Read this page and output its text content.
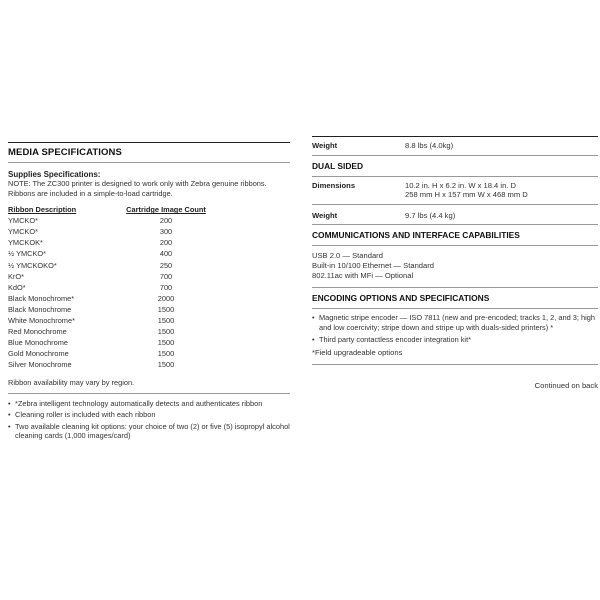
MEDIA SPECIFICATIONS
Supplies Specifications:
NOTE: The ZC300 printer is designed to work only with Zebra genuine ribbons. Ribbons are included in a simple-to-load cartridge.
Ribbon Description	Cartridge Image Count
YMCKO*	200
YMCKO*	300
YMCKOK*	200
½ YMCKO*	400
½ YMCKOKO*	250
KrO*	700
KdO*	700
Black Monochrome*	2000
Black Monochrome	1500
White Monochrome*	1500
Red Monochrome	1500
Blue Monochrome	1500
Gold Monochrome	1500
Silver Monochrome	1500
Ribbon availability may vary by region.
• *Zebra intelligent technology automatically detects and authenticates ribbon
• Cleaning roller is included with each ribbon
• Two available cleaning kit options: your choice of two (2) or five (5) isopropyl alcohol cleaning cards (1,000 images/card)
Weight	8.8 lbs (4.0kg)
DUAL SIDED
Dimensions	10.2 in. H x 6.2 in. W x 18.4 in. D
258 mm H x 157 mm W x 468 mm D
Weight	9.7 lbs (4.4 kg)
COMMUNICATIONS AND INTERFACE CAPABILITIES
USB 2.0 — Standard
Built-in 10/100 Ethernet — Standard
802.11ac with MFi — Optional
ENCODING OPTIONS AND SPECIFICATIONS
• Magnetic stripe encoder — ISO 7811 (new and pre-encoded; tracks 1, 2, and 3; high and low coercivity; stripe down and stripe up with duals-sided printers) *
• Third party contactless encoder integration kit*
*Field upgradeable options
Continued on back
